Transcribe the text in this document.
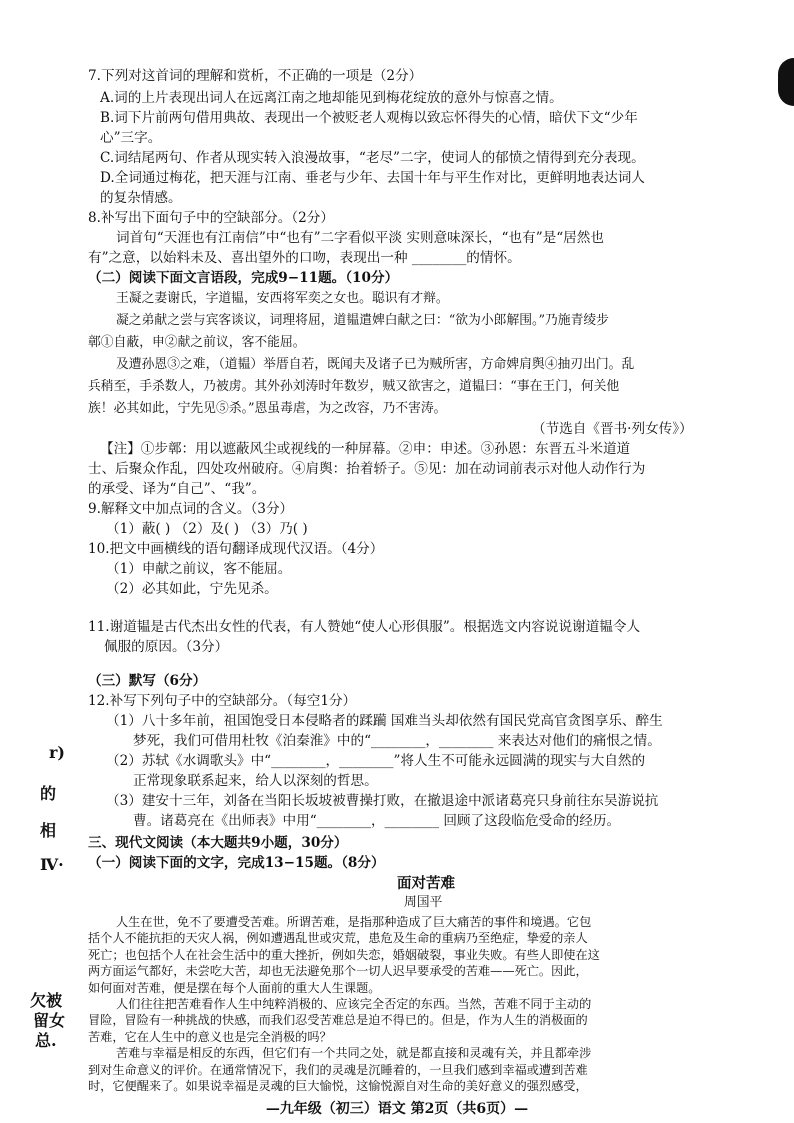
r)
的
相
Ⅳ·
欠被
留女
总.
7.下列对这首词的理解和赏析，不正确的一项是（2分）
A.词的上片表现出词人在远离江南之地却能见到梅花绽放的意外与惊喜之情。
B.词下片前两句借用典故、表现出一个被贬老人观梅以致忘怀得失的心情，暗伏下文“少年
心”三字。
C.词结尾两句、作者从现实转入浪漫故事，“老尽”二字，使词人的郁愤之情得到充分表现。
D.全词通过梅花，把天涯与江南、垂老与少年、去国十年与平生作对比，更鲜明地表达词人
的复杂情感。
8.补写出下面句子中的空缺部分。（2分）
词首句“天涯也有江南信”中“也有”二字看似平淡 实则意味深长，“也有”是“居然也
有”之意，以始料未及、喜出望外的口吻，表现出一种 ________的情怀。
（二）阅读下面文言语段，完成9−11题。（10分）
王凝之妻谢氏，字道韫，安西将军奕之女也。聪识有才辩。
凝之弟献之尝与宾客谈议，词理将屈，道韫遣婢白献之曰：“欲为小郎解围。”乃施青绫步
鄣①自蔽，申②献之前议，客不能屈。
及遭孙恩③之难，（道韫）举厝自若，既闻夫及诸子已为贼所害，方命婢肩舆④抽刃出门。乱
兵稍至，手杀数人，乃被虏。其外孙刘涛时年数岁，贼又欲害之，道韫曰：“事在王门，何关他
族！必其如此，宁先见⑤杀。”恩虽毒虐，为之改容，乃不害涛。
（节选自《晋书·列女传》）
【注】①步鄣：用以遮蔽风尘或视线的一种屏幕。②申：申述。③孙恩：东晋五斗米道道
士、后聚众作乱，四处攻州破府。④肩舆：抬着轿子。⑤见：加在动词前表示对他人动作行为
的承受、译为“自己”、“我”。
9.解释文中加点词的含义。（3分）
（1）蔽( ) （2）及( ) （3）乃( )
10.把文中画横线的语句翻译成现代汉语。（4分）
（1）申献之前议，客不能屈。
（2）必其如此，宁先见杀。
11.谢道韫是古代杰出女性的代表，有人赞她“使人心形俱服”。根据选文内容说说谢道韫令人
佩服的原因。（3分）
（三）默写（6分）
12.补写下列句子中的空缺部分。（每空1分）
（1）八十多年前，祖国饱受日本侵略者的蹂躏 国难当头却依然有国民党高官贪图享乐、醉生
梦死，我们可借用杜牧《泊秦淮》中的“________，________ 来表达对他们的痛恨之情。
（2）苏轼《水调歌头》中“________，________”将人生不可能永远圆满的现实与大自然的
正常现象联系起来，给人以深刻的哲思。
（3）建安十三年，刘备在当阳长坂坡被曹操打败，在撤退途中派诸葛亮只身前往东吴游说抗
曹。诸葛亮在《出师表》中用“________，________ 回顾了这段临危受命的经历。
三、现代文阅读（本大题共9小题，30分）
（一）阅读下面的文字，完成13−15题。（8分）
面对苦难
周国平
人生在世，免不了要遭受苦难。所谓苦难，是指那种造成了巨大痛苦的事件和境遇。它包
括个人不能抗拒的天灾人祸，例如遭遇乱世或灾荒，患危及生命的重病乃至绝症，挚爱的亲人
死亡；也包括个人在社会生活中的重大挫折，例如失恋，婚姻破裂，事业失败。有些人即使在这
两方面运气都好，未尝吃大苦，却也无法避免那个一切人迟早要承受的苦难——死亡。因此，
如何面对苦难，便是摆在每个人面前的重大人生课题。
人们往往把苦难看作人生中纯粹消极的、应该完全否定的东西。当然，苦难不同于主动的
冒险，冒险有一种挑战的快感，而我们忍受苦难总是迫不得已的。但是，作为人生的消极面的
苦难，它在人生中的意义也是完全消极的吗？
苦难与幸福是相反的东西，但它们有一个共同之处，就是都直接和灵魂有关，并且都牵涉
到对生命意义的评价。在通常情况下，我们的灵魂是沉睡着的，一旦我们感到幸福或遭到苦难
时，它便醒来了。如果说幸福是灵魂的巨大愉悦，这愉悦源自对生命的美好意义的强烈感受，
—九年级（初三）语文 第2页（共6页）—
